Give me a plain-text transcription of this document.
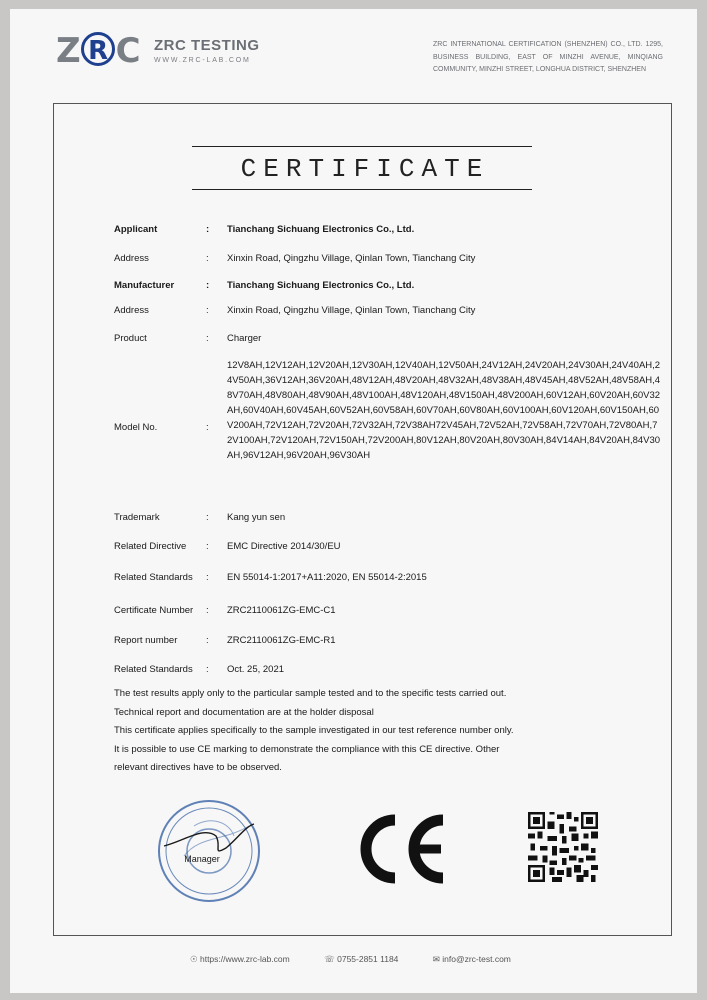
Z R C ZRC TESTING
WWW.ZRC-LAB.COM
ZRC INTERNATIONAL CERTIFICATION (SHENZHEN) CO., LTD. 1295, BUSINESS BUILDING, EAST OF MINZHI AVENUE, MINQIANG COMMUNITY, MINZHI STREET, LONGHUA DISTRICT, SHENZHEN
CERTIFICATE
Applicant	: Tianchang Sichuang Electronics Co., Ltd.
Address	: Xinxin Road, Qingzhu Village, Qinlan Town, Tianchang City
Manufacturer	: Tianchang Sichuang Electronics Co., Ltd.
Address	: Xinxin Road, Qingzhu Village, Qinlan Town, Tianchang City
Product	: Charger
Model No.	:
12V8AH,12V12AH,12V20AH,12V30AH,12V40AH,12V50AH,24V12AH,24V20AH,24V30AH,24V40AH,24V50AH,36V12AH,36V20AH,48V12AH,48V20AH,48V32AH,48V38AH,48V45AH,48V52AH,48V58AH,48V70AH,48V80AH,48V90AH,48V100AH,48V120AH,48V150AH,48V200AH,60V12AH,60V20AH,60V32AH,60V40AH,60V45AH,60V52AH,60V58AH,60V70AH,60V80AH,60V100AH,60V120AH,60V150AH,60V200AH,72V12AH,72V20AH,72V32AH,72V38AH72V45AH,72V52AH,72V58AH,72V70AH,72V80AH,72V100AH,72V120AH,72V150AH,72V200AH,80V12AH,80V20AH,80V30AH,84V14AH,84V20AH,84V30AH,96V12AH,96V20AH,96V30AH
Trademark	: Kang yun sen
Related Directive	: EMC Directive 2014/30/EU
Related Standards	: EN 55014-1:2017+A11:2020, EN 55014-2:2015
Certificate Number	: ZRC2110061ZG-EMC-C1
Report number	: ZRC2110061ZG-EMC-R1
Related Standards	: Oct. 25, 2021
The test results apply only to the particular sample tested and to the specific tests carried out.
Technical report and documentation are at the holder disposal
This certificate applies specifically to the sample investigated in our test reference number only.
It is possible to use CE marking to demonstrate the compliance with this CE directive. Other
relevant directives have to be observed.
Manager
☉ https://www.zrc-lab.com	☏ 0755-2851 1184	✉ info@zrc-test.com
